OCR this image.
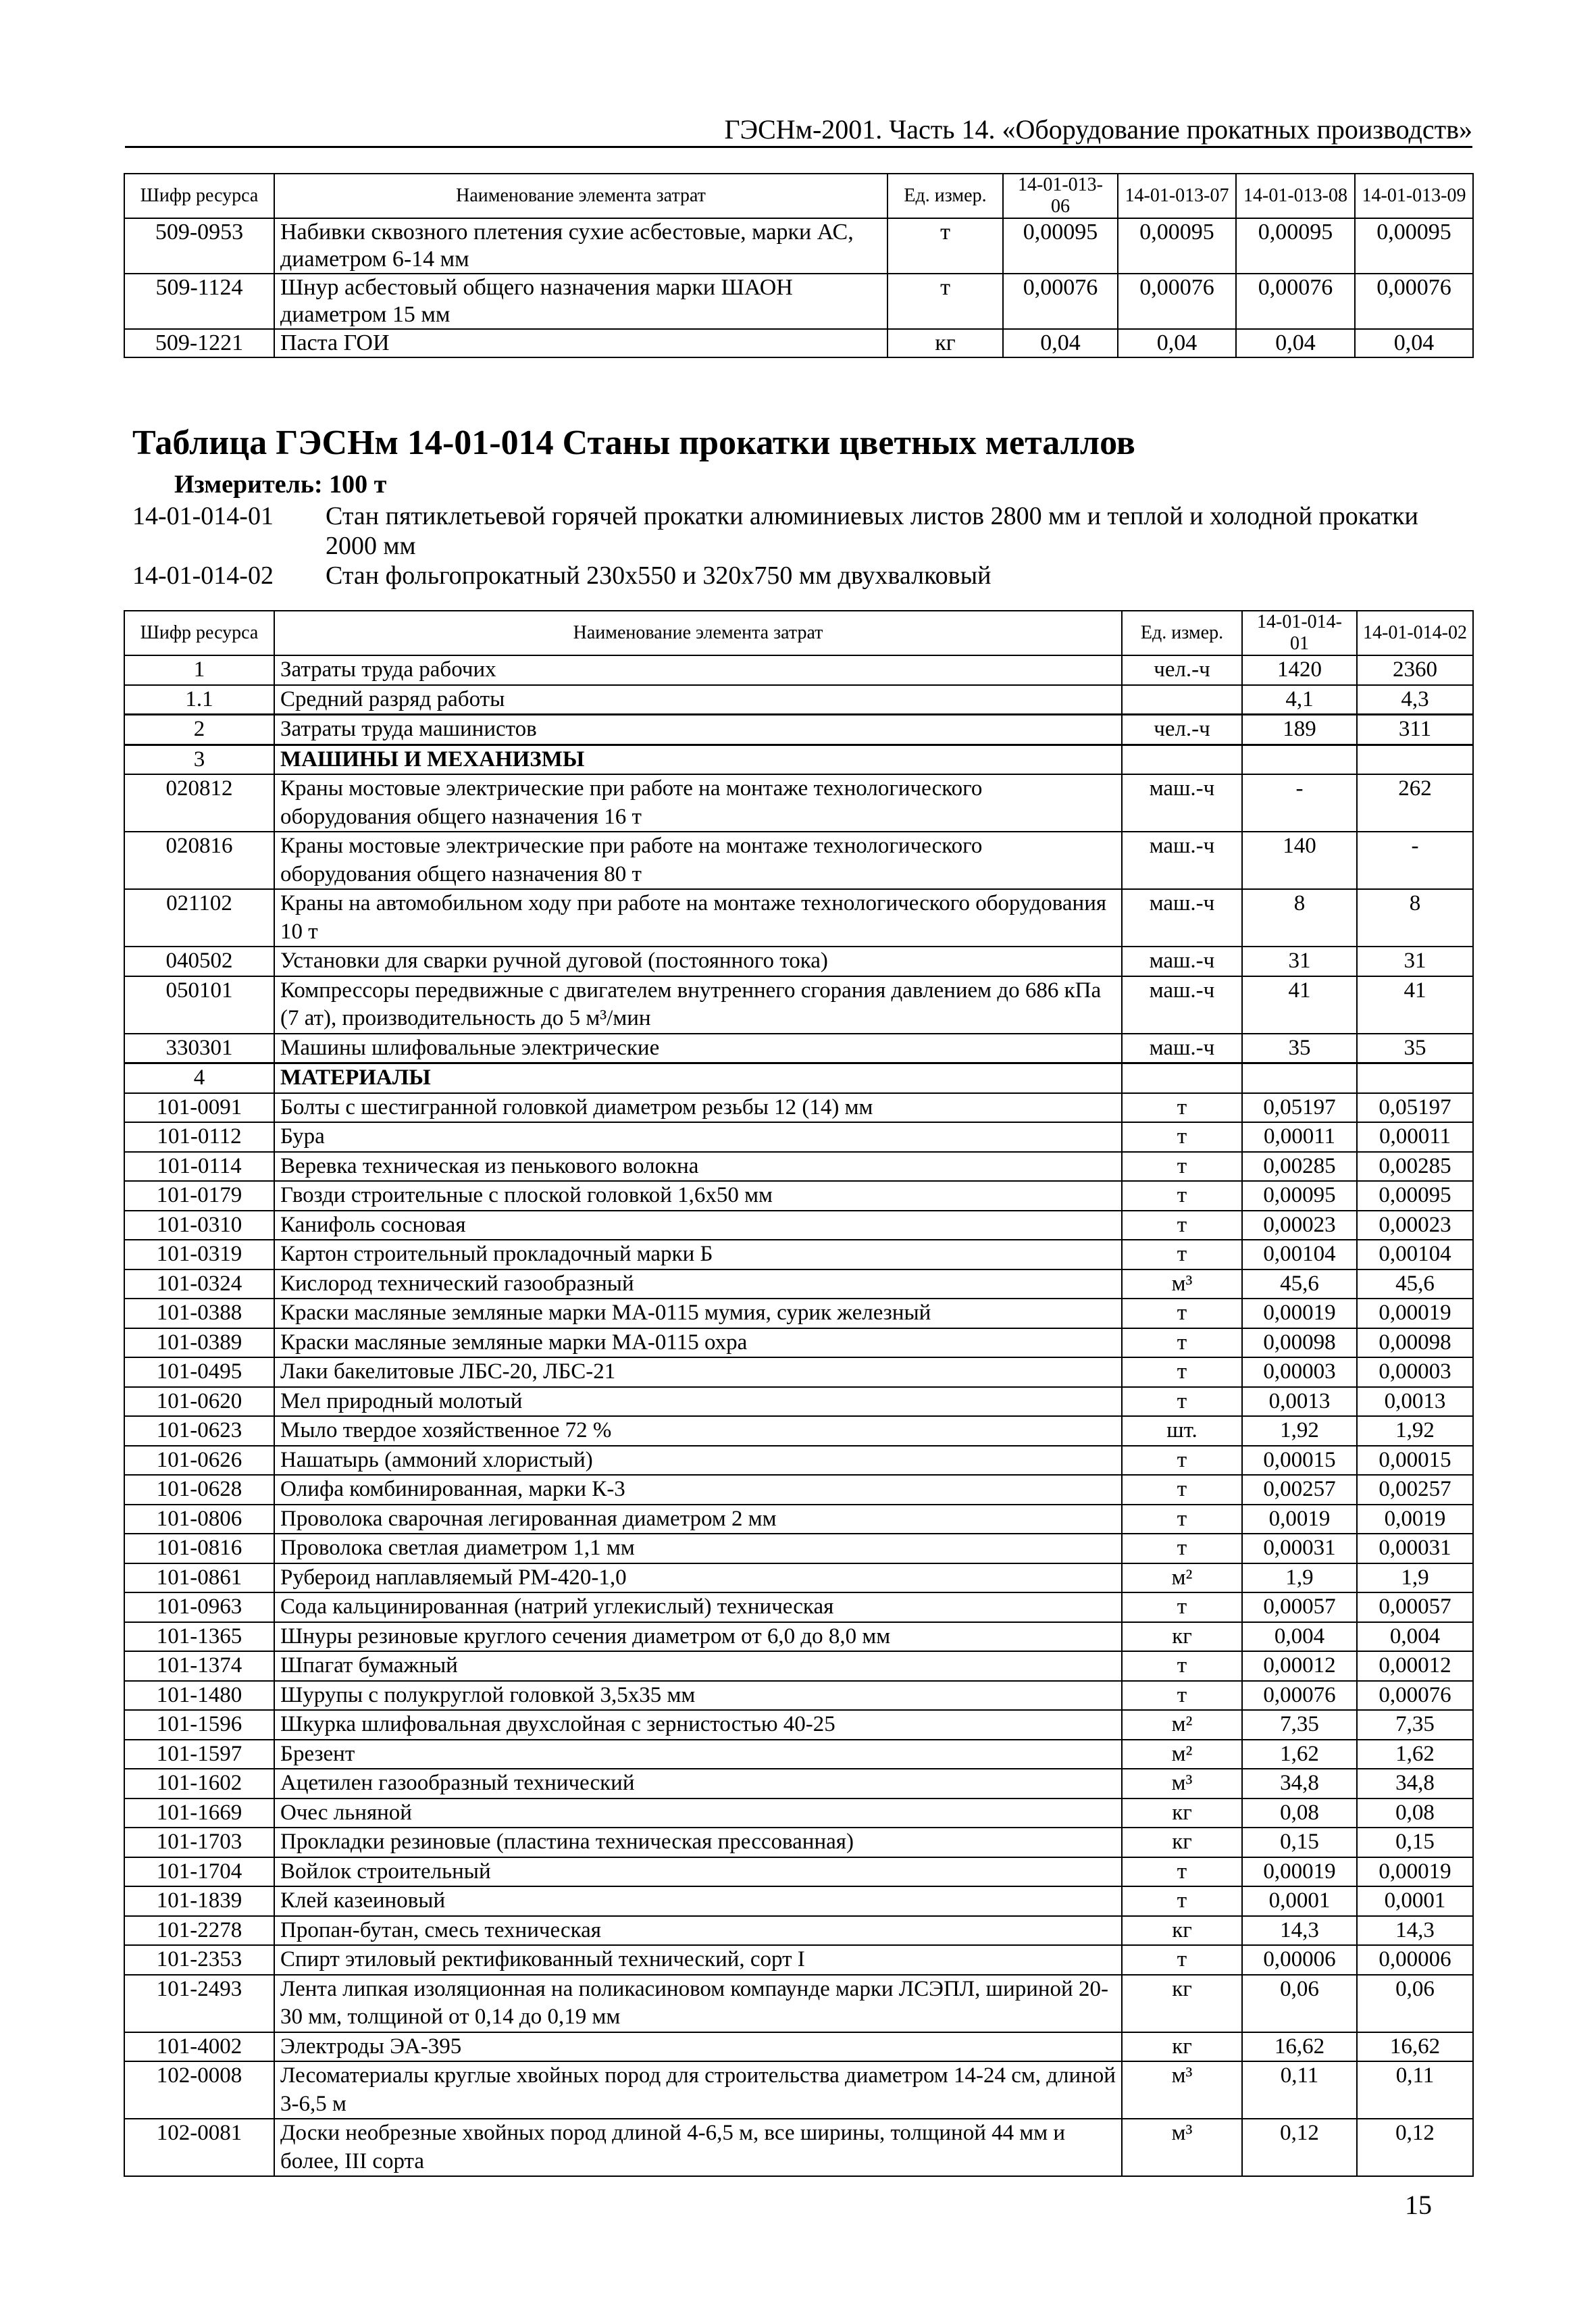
ГЭСНм-2001. Часть 14. «Оборудование прокатных производств»
Шифр ресурса	Наименование элемента затрат	Ед. измер.	14-01-013-06	14-01-013-07	14-01-013-08	14-01-013-09
509-0953	Набивки сквозного плетения сухие асбестовые, марки АС, диаметром 6-14 мм	т	0,00095	0,00095	0,00095	0,00095
509-1124	Шнур асбестовый общего назначения марки ШАОН диаметром 15 мм	т	0,00076	0,00076	0,00076	0,00076
509-1221	Паста ГОИ	кг	0,04	0,04	0,04	0,04
Таблица ГЭСНм 14-01-014 Станы прокатки цветных металлов
Измеритель: 100 т
14-01-014-01	Стан пятиклетьевой горячей прокатки алюминиевых листов 2800 мм и теплой и холодной прокатки 2000 мм
14-01-014-02	Стан фольгопрокатный 230х550 и 320х750 мм двухвалковый
Шифр ресурса	Наименование элемента затрат	Ед. измер.	14-01-014-01	14-01-014-02
1	Затраты труда рабочих	чел.-ч	1420	2360
1.1	Средний разряд работы		4,1	4,3
2	Затраты труда машинистов	чел.-ч	189	311
3	МАШИНЫ И МЕХАНИЗМЫ			
020812	Краны мостовые электрические при работе на монтаже технологического оборудования общего назначения 16 т	маш.-ч	-	262
020816	Краны мостовые электрические при работе на монтаже технологического оборудования общего назначения 80 т	маш.-ч	140	-
021102	Краны на автомобильном ходу при работе на монтаже технологического оборудования 10 т	маш.-ч	8	8
040502	Установки для сварки ручной дуговой (постоянного тока)	маш.-ч	31	31
050101	Компрессоры передвижные с двигателем внутреннего сгорания давлением до 686 кПа (7 ат), производительность до 5 м³/мин	маш.-ч	41	41
330301	Машины шлифовальные электрические	маш.-ч	35	35
4	МАТЕРИАЛЫ			
101-0091	Болты с шестигранной головкой диаметром резьбы 12 (14) мм	т	0,05197	0,05197
101-0112	Бура	т	0,00011	0,00011
101-0114	Веревка техническая из пенькового волокна	т	0,00285	0,00285
101-0179	Гвозди строительные с плоской головкой 1,6х50 мм	т	0,00095	0,00095
101-0310	Канифоль сосновая	т	0,00023	0,00023
101-0319	Картон строительный прокладочный марки Б	т	0,00104	0,00104
101-0324	Кислород технический газообразный	м³	45,6	45,6
101-0388	Краски масляные земляные марки МА-0115 мумия, сурик железный	т	0,00019	0,00019
101-0389	Краски масляные земляные марки МА-0115 охра	т	0,00098	0,00098
101-0495	Лаки бакелитовые ЛБС-20, ЛБС-21	т	0,00003	0,00003
101-0620	Мел природный молотый	т	0,0013	0,0013
101-0623	Мыло твердое хозяйственное 72 %	шт.	1,92	1,92
101-0626	Нашатырь (аммоний хлористый)	т	0,00015	0,00015
101-0628	Олифа комбинированная, марки К-3	т	0,00257	0,00257
101-0806	Проволока сварочная легированная диаметром 2 мм	т	0,0019	0,0019
101-0816	Проволока светлая диаметром 1,1 мм	т	0,00031	0,00031
101-0861	Рубероид наплавляемый РМ-420-1,0	м²	1,9	1,9
101-0963	Сода кальцинированная (натрий углекислый) техническая	т	0,00057	0,00057
101-1365	Шнуры резиновые круглого сечения диаметром от 6,0 до 8,0 мм	кг	0,004	0,004
101-1374	Шпагат бумажный	т	0,00012	0,00012
101-1480	Шурупы с полукруглой головкой 3,5х35 мм	т	0,00076	0,00076
101-1596	Шкурка шлифовальная двухслойная с зернистостью 40-25	м²	7,35	7,35
101-1597	Брезент	м²	1,62	1,62
101-1602	Ацетилен газообразный технический	м³	34,8	34,8
101-1669	Очес льняной	кг	0,08	0,08
101-1703	Прокладки резиновые (пластина техническая прессованная)	кг	0,15	0,15
101-1704	Войлок строительный	т	0,00019	0,00019
101-1839	Клей казеиновый	т	0,0001	0,0001
101-2278	Пропан-бутан, смесь техническая	кг	14,3	14,3
101-2353	Спирт этиловый ректификованный технический, сорт I	т	0,00006	0,00006
101-2493	Лента липкая изоляционная на поликасиновом компаунде марки ЛСЭПЛ, шириной 20-30 мм, толщиной от 0,14 до 0,19 мм	кг	0,06	0,06
101-4002	Электроды ЭА-395	кг	16,62	16,62
102-0008	Лесоматериалы круглые хвойных пород для строительства диаметром 14-24 см, длиной 3-6,5 м	м³	0,11	0,11
102-0081	Доски необрезные хвойных пород длиной 4-6,5 м, все ширины, толщиной 44 мм и более, III сорта	м³	0,12	0,12
15
